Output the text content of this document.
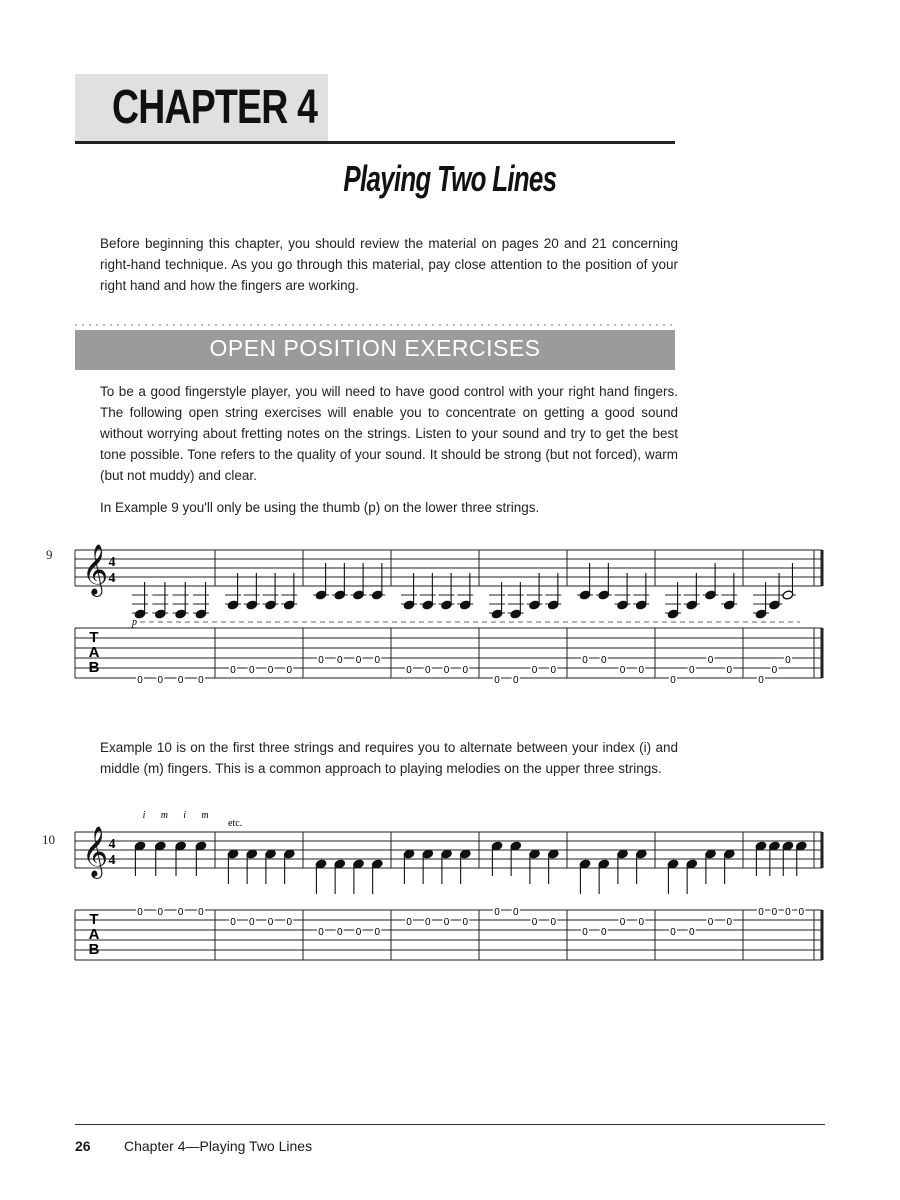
CHAPTER 4
Playing Two Lines

Before beginning this chapter, you should review the material on pages 20 and 21 concerning right-hand technique. As you go through this material, pay close attention to the position of your right hand and how the fingers are working.

OPEN POSITION EXERCISES

To be a good fingerstyle player, you will need to have good control with your right hand fingers. The following open string exercises will enable you to concentrate on getting a good sound without worrying about fretting notes on the strings. Listen to your sound and try to get the best tone possible. Tone refers to the quality of your sound. It should be strong (but not forced), warm (but not muddy) and clear.

In Example 9 you'll only be using the thumb (p) on the lower three strings.

9 𝄞 4
4
T
A
B
0 0 0 0
0 0 0 0
0 0 0 0
0 0 0 0
0 0
0 0
0 0
0 0
0
0
0
0
0
0
0
p

Example 10 is on the first three strings and requires you to alternate between your index (i) and middle (m) fingers. This is a common approach to playing melodies on the upper three strings.

10 𝄞 4
4
T
A
B
0 0 0 0
0 0 0 0
0 0 0 0
0 0 0 0
0 0
0 0
0 0
0 0
0 0
0 0
0 0 0 0
i m i m
etc.
26 Chapter 4—Playing Two Lines
